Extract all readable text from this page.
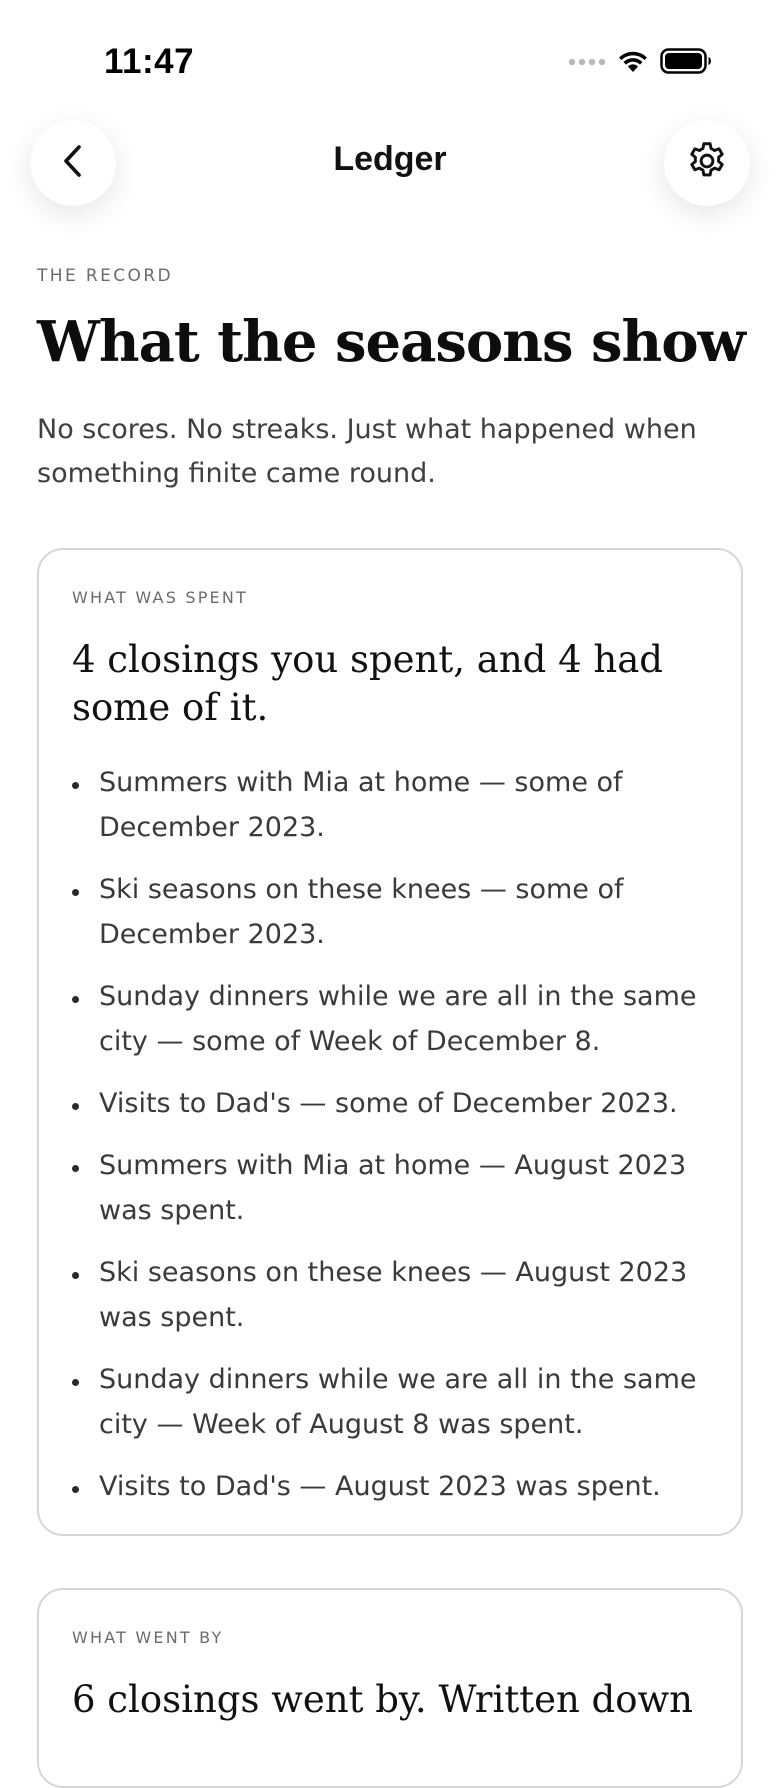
11:47
Ledger
THE RECORD
What the seasons show

No scores. No streaks. Just what happened when something finite came round.

WHAT WAS SPENT
4 closings you spent, and 4 had some of it.
Summers with Mia at home — some of December 2023.
Ski seasons on these knees — some of December 2023.
Sunday dinners while we are all in the same city — some of Week of December 8.
Visits to Dad's — some of December 2023.
Summers with Mia at home — August 2023 was spent.
Ski seasons on these knees — August 2023 was spent.
Sunday dinners while we are all in the same city — Week of August 8 was spent.
Visits to Dad's — August 2023 was spent.
WHAT WENT BY
6 closings went by. Written down
